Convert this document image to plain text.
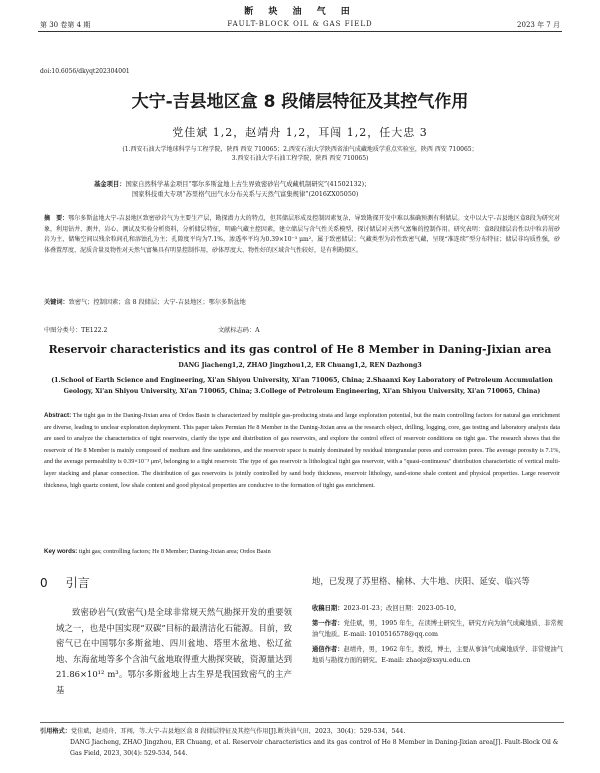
断 块 油 气 田
第 30 卷第 4 期	FAULT-BLOCK OIL & GAS FIELD	2023 年 7 月
doi:10.6056/dkyqt202304001
大宁-吉县地区盒 8 段储层特征及其控气作用
党佳斌 1,2，赵靖舟 1,2，耳闯 1,2，任大忠 3
(1.西安石油大学地球科学与工程学院，陕西 西安 710065；2.西安石油大学陕西省油气成藏地质学重点实验室，陕西 西安 710065；
3.西安石油大学石油工程学院，陕西 西安 710065)
基金项目：国家自然科学基金项目“鄂尔多斯盆地上古生界致密砂岩气成藏机制研究”(41502132)；
国家科技重大专项“苏里格气田气水分布关系与天然气富集规律”(2016ZX05050)
摘　要：鄂尔多斯盆地大宁-吉县地区致密砂岩气为主要生产层，勘探潜力大的特点，但其储层形成及控制因素复杂，导致勘探开发中难以准确预测有利储层。文中以大宁-吉县地区盒8段为研究对象，利用钻井、测井、岩心、测试及实验分析资料，分析储层特征，明确气藏主控因素，建立储层与含气性关系模型，探讨储层对天然气富集的控制作用。研究表明：盒8段储层岩性以中粒岩屑砂岩为主，储集空间以残余粒间孔和溶蚀孔为主；孔隙度平均为7.1%，渗透率平均为0.39×10⁻³ μm²，属于致密储层；气藏类型为岩性致密气藏，呈现“准连续”型分布特征；储层非均质性强，砂体叠置厚度、泥质含量及物性对天然气富集具有明显控制作用，砂体厚度大、物性好的区域含气性较好，是有利勘探区。
关键词：致密气；控制因素；盒 8 段储层；大宁-吉县地区；鄂尔多斯盆地
中图分类号：TE122.2	文献标志码：A
Reservoir characteristics and its gas control of He 8 Member in Daning-Jixian area
DANG Jiacheng1,2, ZHAO Jingzhou1,2, ER Chuang1,2, REN Dazhong3
(1.School of Earth Science and Engineering, Xi'an Shiyou University, Xi'an 710065, China; 2.Shaanxi Key Laboratory of Petroleum Accumulation Geology, Xi'an Shiyou University, Xi'an 710065, China; 3.College of Petroleum Engineering, Xi'an Shiyou University, Xi'an 710065, China)
Abstract: The tight gas in the Daning-Jixian area of Ordos Basin is characterized by multiple gas-producing strata and large exploration potential, but the main controlling factors for natural gas enrichment are diverse, leading to unclear exploration deployment. This paper takes Permian He 8 Member in the Daning-Jixian area as the research object, drilling, logging, core, gas testing and laboratory analysis data are used to analyze the characteristics of tight reservoirs, clarify the type and distribution of gas reservoirs, and explore the control effect of reservoir conditions on tight gas. The research shows that the reservoir of He 8 Member is mainly composed of medium and fine sandstones, and the reservoir space is mainly dominated by residual intergranular pores and corrosion pores. The average porosity is 7.1%, and the average permeability is 0.39×10⁻³ μm², belonging to a tight reservoir. The type of gas reservoir is lithological tight gas reservoir, with a "quasi-continuous" distribution characteristic of vertical multi-layer stacking and planar connection. The distribution of gas reservoirs is jointly controlled by sand body thickness, reservoir lithology, sand-stone shale content and physical properties. Large reservoir thickness, high quartz content, low shale content and good physical properties are conducive to the formation of tight gas enrichment.
Key words: tight gas; controlling factors; He 8 Member; Daning-Jixian area; Ordos Basin
0 引言
致密砂岩气(致密气)是全球非常规天然气勘探开发的重要领域之一，也是中国实现“双碳”目标的最清洁化石能源。目前，致密气已在中国鄂尔多斯盆地、四川盆地、塔里木盆地、松辽盆地、东海盆地等多个含油气盆地取得重大勘探突破，资源量达到 21.86×10¹² m³。鄂尔多斯盆地上古生界是我国致密气的主产基
地，已发现了苏里格、榆林、大牛地、庆阳、延安、临兴等

收稿日期：2023-01-23；改回日期：2023-05-10。

第一作者：党佳斌，男，1995 年生，在读博士研究生，研究方向为油气成藏地质、非常规油气地质。E-mail: 1010516578@qq.com

通信作者：赵靖舟，男，1962 年生，教授，博士，主要从事油气成藏地质学、非常规油气地质与勘探方面的研究。E-mail: zhaojz@xsyu.edu.cn

引用格式：党佳斌，赵靖舟，耳闯，等.大宁-吉县地区盒 8 段储层特征及其控气作用[J].断块油气田，2023，30(4)：529-534，544.
DANG Jiacheng, ZHAO Jingzhou, ER Chuang, et al. Reservoir characteristics and its gas control of He 8 Member in Daning-Jixian area[J]. Fault-Block Oil & Gas Field, 2023, 30(4): 529-534, 544.
